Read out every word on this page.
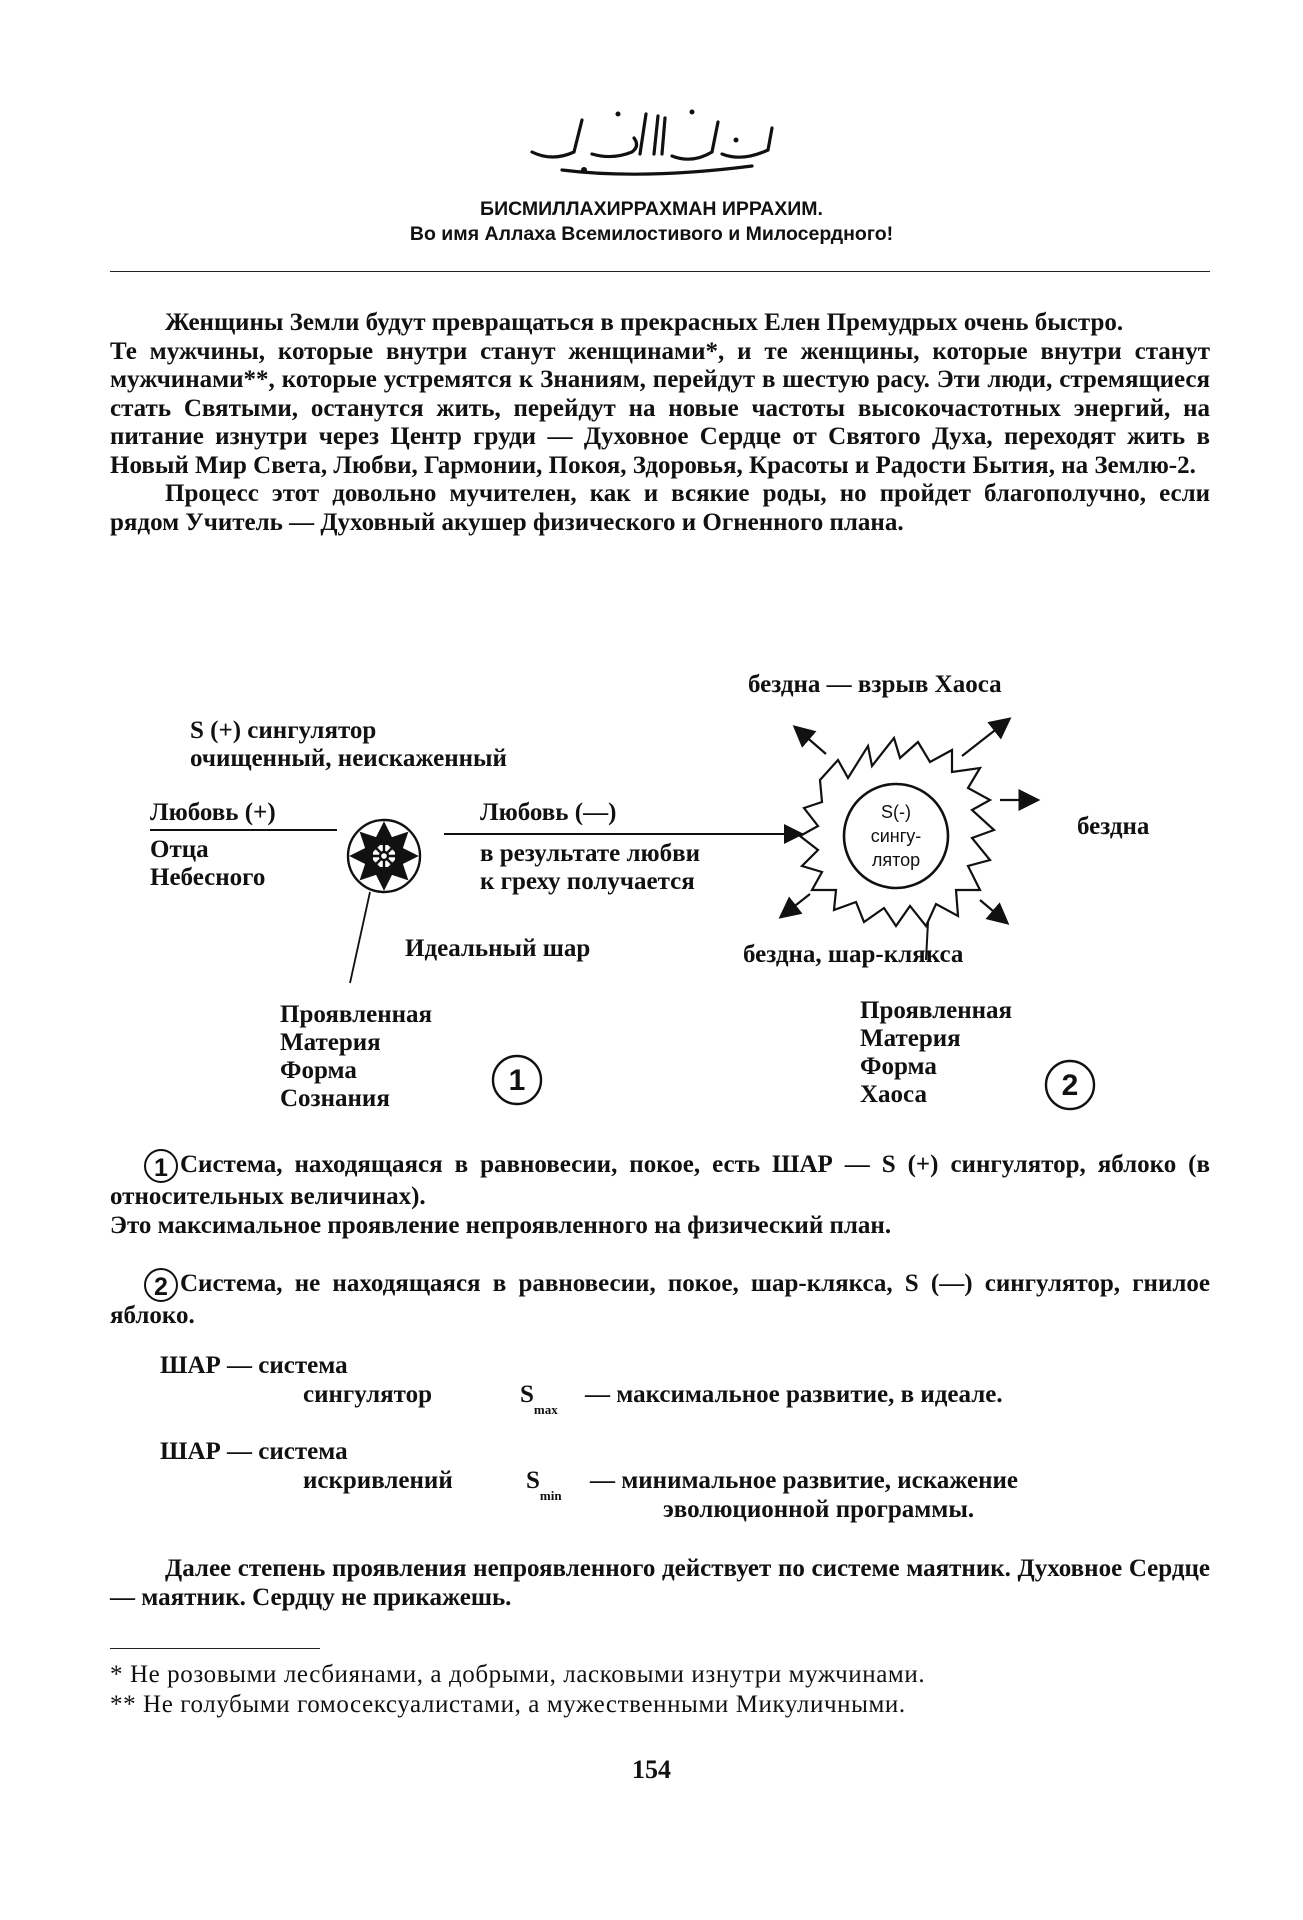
БИСМИЛЛАХИРРАХМАН ИРРАХИМ.
Во имя Аллаха Всемилостивого и Милосердного!

Женщины Земли будут превращаться в прекрасных Елен Премудрых очень быстро.

Те мужчины, которые внутри станут женщинами*, и те женщины, которые внутри станут мужчинами**, которые устремятся к Знаниям, перейдут в шестую расу. Эти люди, стремящиеся стать Святыми, останутся жить, перейдут на новые частоты высокочастотных энергий, на питание изнутри через Центр груди — Духовное Сердце от Святого Духа, переходят жить в Новый Мир Света, Любви, Гармонии, Покоя, Здоровья, Красоты и Радости Бытия, на Землю-2.

Процесс этот довольно мучителен, как и всякие роды, но пройдет благополучно, если рядом Учитель — Духовный акушер физического и Огненного плана.

бездна — взрыв Хаоса
S (+) сингулятор
очищенный, неискаженный
Любовь (+)
Отца
Небесного
Любовь (—)
в результате любви
к греху получается
S(-)
сингу-
лятор
бездна
Идеальный шар	бездна, шар-клякса
Проявленная
Материя
Форма
Сознания
1
Проявленная
Материя
Форма
Хаоса	2

1 Система, находящаяся в равновесии, покое, есть ШАР — S (+) сингулятор, яблоко (в относительных величинах).

Это максимальное проявление непроявленного на физический план.

2 Система, не находящаяся в равновесии, покое, шар-клякса, S (—) сингулятор, гнилое яблоко.

ШАР — система
сингулятор	$S_{max}$
— максимальное развитие, в идеале.
ШАР — система
искривлений	$S_{min}$
— минимальное развитие, искажение
эволюционной программы.

Далее степень проявления непроявленного действует по системе маятник. Духовное Сердце — маятник. Сердцу не прикажешь.

* Не розовыми лесбиянами, а добрыми, ласковыми изнутри мужчинами.
** Не голубыми гомосексуалистами, а мужественными Микуличными.
154
